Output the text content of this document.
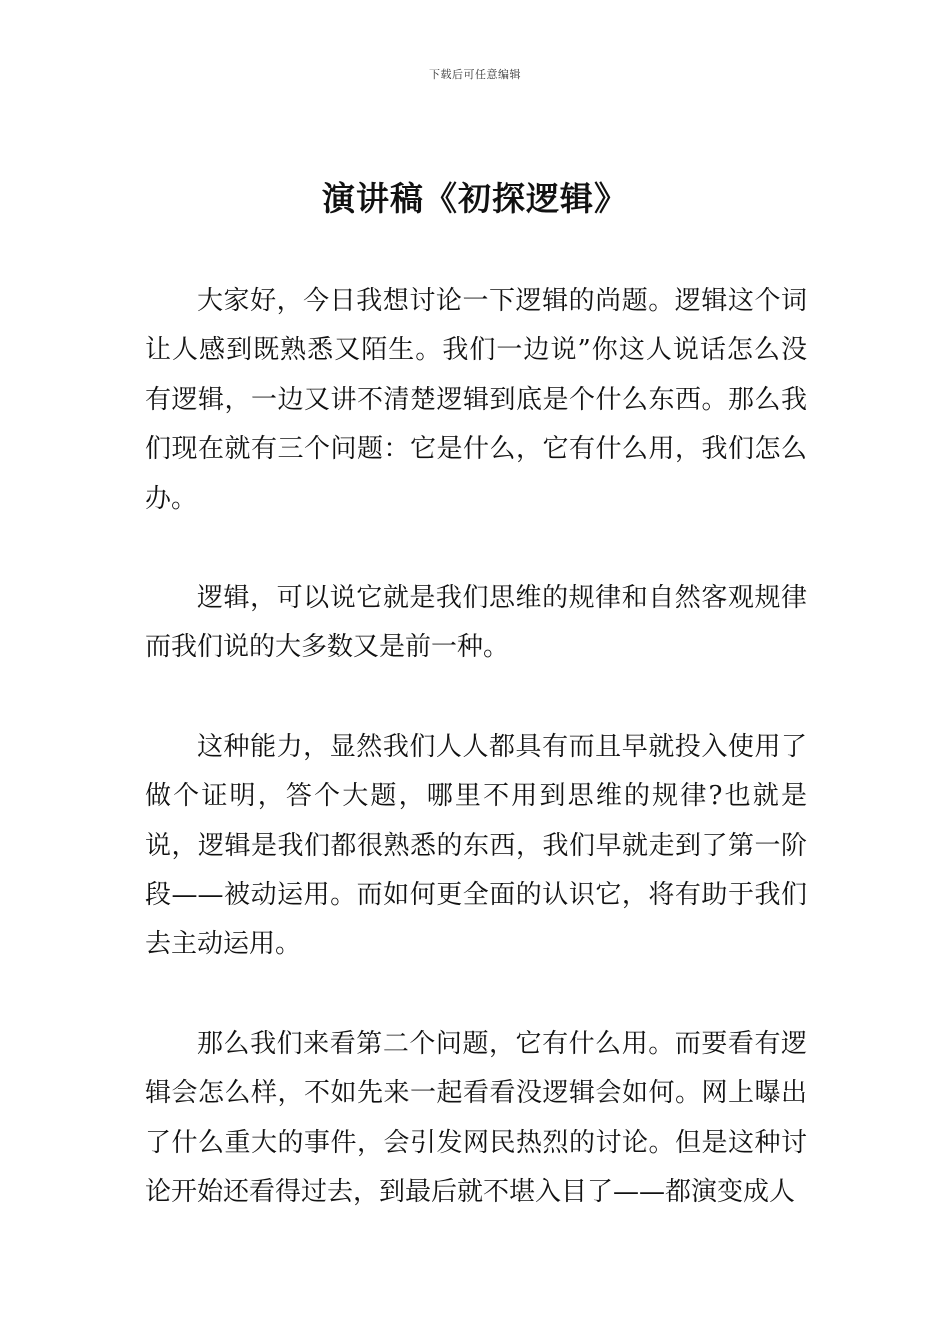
下载后可任意编辑
演讲稿《初探逻辑》

大家好，今日我想讨论一下逻辑的尚题。逻辑这个词让人感到既熟悉又陌生。我们一边说”你这人说话怎么没有逻辑，一边又讲不清楚逻辑到底是个什么东西。那么我们现在就有三个问题：它是什么，它有什么用，我们怎么办。

逻辑，可以说它就是我们思维的规律和自然客观规律而我们说的大多数又是前一种。

这种能力，显然我们人人都具有而且早就投入使用了做个证明，答个大题，哪里不用到思维的规律?也就是说，逻辑是我们都很熟悉的东西，我们早就走到了第一阶段——被动运用。而如何更全面的认识它，将有助于我们去主动运用。

那么我们来看第二个问题，它有什么用。而要看有逻辑会怎么样，不如先来一起看看没逻辑会如何。网上曝出了什么重大的事件，会引发网民热烈的讨论。但是这种讨论开始还看得过去，到最后就不堪入目了——都演变成人
